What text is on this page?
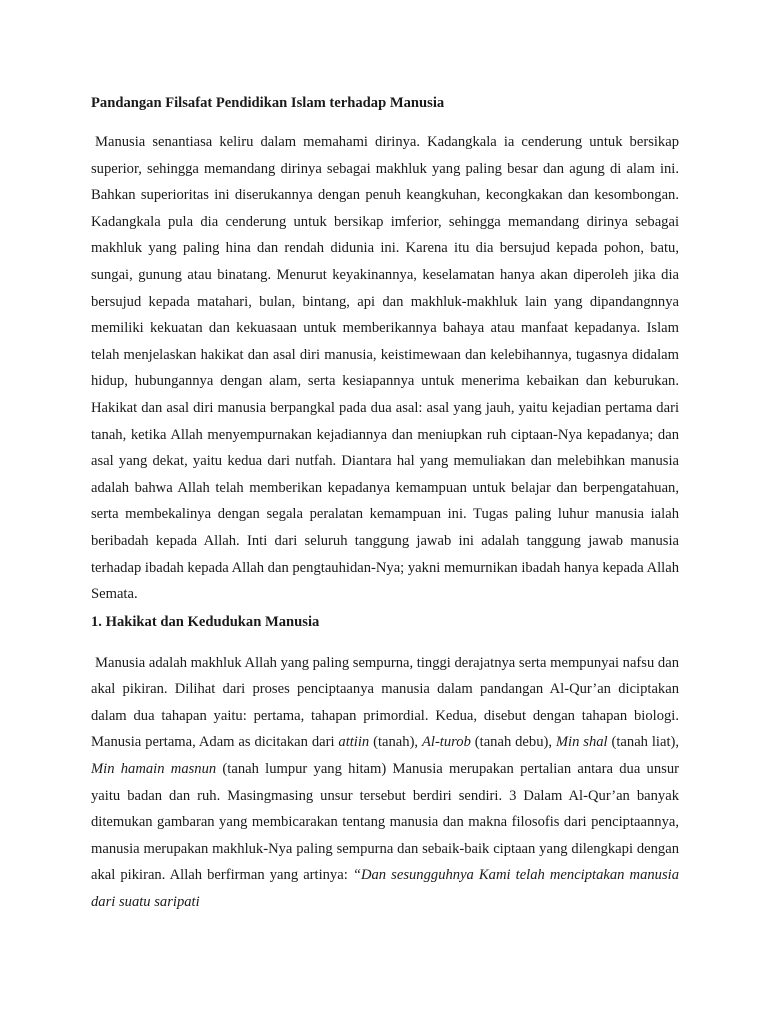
Pandangan Filsafat Pendidikan Islam terhadap Manusia

Manusia senantiasa keliru dalam memahami dirinya. Kadangkala ia cenderung untuk bersikap superior, sehingga memandang dirinya sebagai makhluk yang paling besar dan agung di alam ini. Bahkan superioritas ini diserukannya dengan penuh keangkuhan, kecongkakan dan kesombongan. Kadangkala pula dia cenderung untuk bersikap imferior, sehingga memandang dirinya sebagai makhluk yang paling hina dan rendah didunia ini. Karena itu dia bersujud kepada pohon, batu, sungai, gunung atau binatang. Menurut keyakinannya, keselamatan hanya akan diperoleh jika dia bersujud kepada matahari, bulan, bintang, api dan makhluk-makhluk lain yang dipandangnnya memiliki kekuatan dan kekuasaan untuk memberikannya bahaya atau manfaat kepadanya. Islam telah menjelaskan hakikat dan asal diri manusia, keistimewaan dan kelebihannya, tugasnya didalam hidup, hubungannya dengan alam, serta kesiapannya untuk menerima kebaikan dan keburukan. Hakikat dan asal diri manusia berpangkal pada dua asal: asal yang jauh, yaitu kejadian pertama dari tanah, ketika Allah menyempurnakan kejadiannya dan meniupkan ruh ciptaan-Nya kepadanya; dan asal yang dekat, yaitu kedua dari nutfah. Diantara hal yang memuliakan dan melebihkan manusia adalah bahwa Allah telah memberikan kepadanya kemampuan untuk belajar dan berpengatahuan, serta membekalinya dengan segala peralatan kemampuan ini. Tugas paling luhur manusia ialah beribadah kepada Allah. Inti dari seluruh tanggung jawab ini adalah tanggung jawab manusia terhadap ibadah kepada Allah dan pengtauhidan-Nya; yakni memurnikan ibadah hanya kepada Allah Semata.

1. Hakikat dan Kedudukan Manusia

Manusia adalah makhluk Allah yang paling sempurna, tinggi derajatnya serta mempunyai nafsu dan akal pikiran. Dilihat dari proses penciptaanya manusia dalam pandangan Al-Qur’an diciptakan dalam dua tahapan yaitu: pertama, tahapan primordial. Kedua, disebut dengan tahapan biologi. Manusia pertama, Adam as dicitakan dari attiin (tanah), Al-turob (tanah debu), Min shal (tanah liat), Min hamain masnun (tanah lumpur yang hitam) Manusia merupakan pertalian antara dua unsur yaitu badan dan ruh. Masingmasing unsur tersebut berdiri sendiri. 3 Dalam Al-Qur’an banyak ditemukan gambaran yang membicarakan tentang manusia dan makna filosofis dari penciptaannya, manusia merupakan makhluk-Nya paling sempurna dan sebaik-baik ciptaan yang dilengkapi dengan akal pikiran. Allah berfirman yang artinya: “Dan sesungguhnya Kami telah menciptakan manusia dari suatu saripati
